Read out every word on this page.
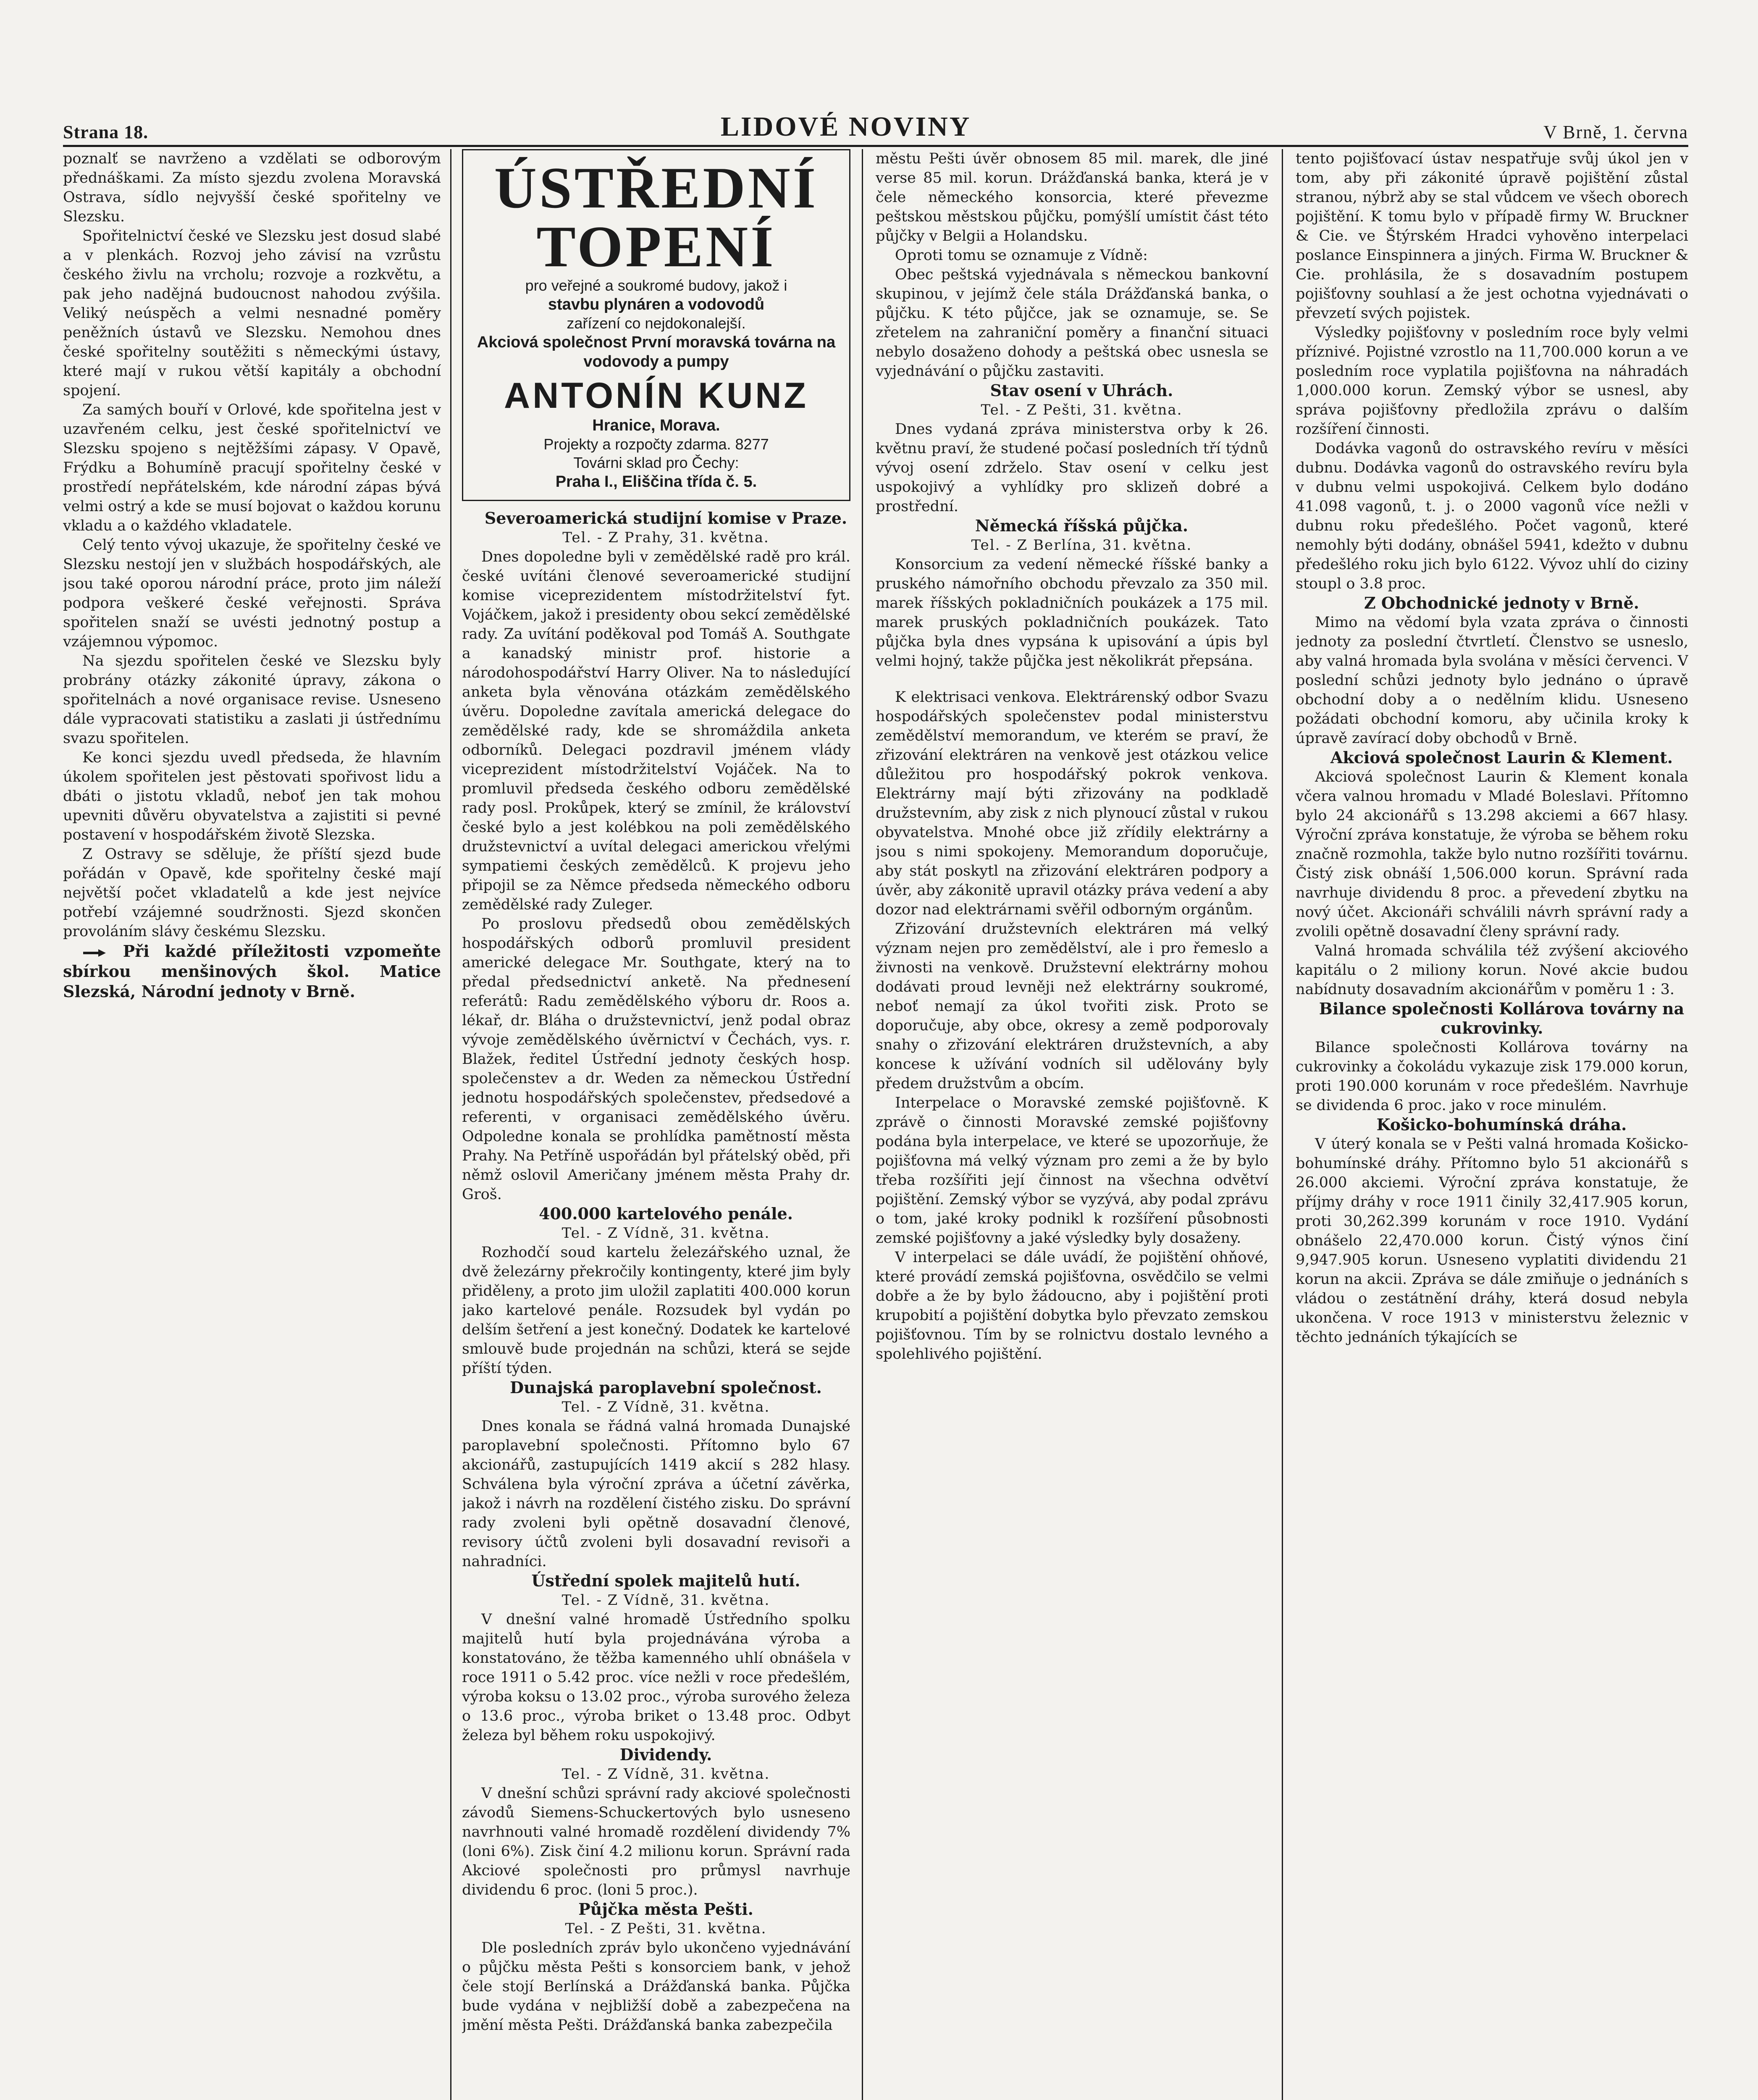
Strana 18.	LIDOVÉ NOVINY	V Brně, 1. června

poznalť se navrženo a vzdělati se odborovým přednáškami. Za místo sjezdu zvolena Moravská Ostrava, sídlo nejvyšší české spořitelny ve Slezsku.

Spořitelnictví české ve Slezsku jest dosud slabé a v plenkách. Rozvoj jeho závisí na vzrůstu českého živlu na vrcholu; rozvoje a rozkvětu, a pak jeho nadějná budoucnost nahodou zvýšila. Veliký neúspěch a velmi nesnadné poměry peněžních ústavů ve Slezsku. Nemohou dnes české spořitelny soutěžiti s německými ústavy, které mají v rukou větší kapitály a obchodní spojení.

Za samých bouří v Orlové, kde spořitelna jest v uzavřeném celku, jest české spořitelnictví ve Slezsku spojeno s nejtěžšími zápasy. V Opavě, Frýdku a Bohumíně pracují spořitelny české v prostředí nepřátelském, kde národní zápas bývá velmi ostrý a kde se musí bojovat o každou korunu vkladu a o každého vkladatele.

Celý tento vývoj ukazuje, že spořitelny české ve Slezsku nestojí jen v službách hospodářských, ale jsou také oporou národní práce, proto jim náleží podpora veškeré české veřejnosti. Správa spořitelen snaží se uvésti jednotný postup a vzájemnou výpomoc.

Na sjezdu spořitelen české ve Slezsku byly probrány otázky zákonité úpravy, zákona o spořitelnách a nové organisace revise. Usneseno dále vypracovati statistiku a zaslati ji ústřednímu svazu spořitelen.

Ke konci sjezdu uvedl předseda, že hlavním úkolem spořitelen jest pěstovati spořivost lidu a dbáti o jistotu vkladů, neboť jen tak mohou upevniti důvěru obyvatelstva a zajistiti si pevné postavení v hospodářském životě Slezska.

Z Ostravy se sděluje, že příští sjezd bude pořádán v Opavě, kde spořitelny české mají největší počet vkladatelů a kde jest nejvíce potřebí vzájemné soudržnosti. Sjezd skončen provoláním slávy českému Slezsku.

Při každé příležitosti vzpomeňte sbírkou menšinových škol. Matice Slezská, Národní jednoty v Brně.

ÚSTŘEDNÍ
TOPENÍ
pro veřejné a soukromé budovy, jakož i
stavbu plynáren a vodovodů
zařízení co nejdokonalejší.
Akciová společnost První moravská továrna na vodovody a pumpy
ANTONÍN KUNZ
Hranice, Morava.
Projekty a rozpočty zdarma. 8277
Továrni sklad pro Čechy:
Praha I., Eliščina třída č. 5.

Severoamerická studijní komise v Praze.

Tel. - Z Prahy, 31. května.

Dnes dopoledne byli v zemědělské radě pro král. české uvítáni členové severoamerické studijní komise viceprezidentem místodržitelství fyt. Vojáčkem, jakož i presidenty obou sekcí zemědělské rady. Za uvítání poděkoval pod Tomáš A. Southgate a kanadský ministr prof. historie a národohospodářství Harry Oliver. Na to následující anketa byla věnována otázkám zemědělského úvěru. Dopoledne zavítala americká delegace do zemědělské rady, kde se shromáždila anketa odborníků. Delegaci pozdravil jménem vlády viceprezident místodržitelství Vojáček. Na to promluvil předseda českého odboru zemědělské rady posl. Prokůpek, který se zmínil, že království české bylo a jest kolébkou na poli zemědělského družstevnictví a uvítal delegaci americkou vřelými sympatiemi českých zemědělců. K projevu jeho připojil se za Němce předseda německého odboru zemědělské rady Zuleger.

Po proslovu předsedů obou zemědělských hospodářských odborů promluvil president americké delegace Mr. Southgate, který na to předal předsednictví anketě. Na přednesení referátů: Radu zemědělského výboru dr. Roos a. lékař, dr. Bláha o družstevnictví, jenž podal obraz vývoje zemědělského úvěrnictví v Čechách, vys. r. Blažek, ředitel Ústřední jednoty českých hosp. společenstev a dr. Weden za německou Ústřední jednotu hospodářských společenstev, předsedové a referenti, v organisaci zemědělského úvěru. Odpoledne konala se prohlídka pamětností města Prahy. Na Petříně uspořádán byl přátelský oběd, při němž oslovil Američany jménem města Prahy dr. Groš.

400.000 kartelového penále.

Tel. - Z Vídně, 31. května.

Rozhodčí soud kartelu železářského uznal, že dvě železárny překročily kontingenty, které jim byly přiděleny, a proto jim uložil zaplatiti 400.000 korun jako kartelové penále. Rozsudek byl vydán po delším šetření a jest konečný. Dodatek ke kartelové smlouvě bude projednán na schůzi, která se sejde příští týden.

Dunajská paroplavební společnost.

Tel. - Z Vídně, 31. května.

Dnes konala se řádná valná hromada Dunajské paroplavební společnosti. Přítomno bylo 67 akcionářů, zastupujících 1419 akcií s 282 hlasy. Schválena byla výroční zpráva a účetní závěrka, jakož i návrh na rozdělení čistého zisku. Do správní rady zvoleni byli opětně dosavadní členové, revisory účtů zvoleni byli dosavadní revisoři a nahradníci.

Ústřední spolek majitelů hutí.

Tel. - Z Vídně, 31. května.

V dnešní valné hromadě Ústředního spolku majitelů hutí byla projednávána výroba a konstatováno, že těžba kamenného uhlí obnášela v roce 1911 o 5.42 proc. více nežli v roce předešlém, výroba koksu o 13.02 proc., výroba surového železa o 13.6 proc., výroba briket o 13.48 proc. Odbyt železa byl během roku uspokojivý.

Dividendy.

Tel. - Z Vídně, 31. května.

V dnešní schůzi správní rady akciové společnosti závodů Siemens-Schuckertových bylo usneseno navrhnouti valné hromadě rozdělení dividendy 7% (loni 6%). Zisk činí 4.2 milionu korun. Správní rada Akciové společnosti pro průmysl navrhuje dividendu 6 proc. (loni 5 proc.).

Půjčka města Pešti.

Tel. - Z Pešti, 31. května.

Dle posledních zpráv bylo ukončeno vyjednávání o půjčku města Pešti s konsorciem bank, v jehož čele stojí Berlínská a Drážďanská banka. Půjčka bude vydána v nejbližší době a zabezpečena na jmění města Pešti. Drážďanská banka zabezpečila

městu Pešti úvěr obnosem 85 mil. marek, dle jiné verse 85 mil. korun. Drážďanská banka, která je v čele německého konsorcia, které převezme peštskou městskou půjčku, pomýšlí umístit část této půjčky v Belgii a Holandsku.

Oproti tomu se oznamuje z Vídně:

Obec peštská vyjednávala s německou bankovní skupinou, v jejímž čele stála Drážďanská banka, o půjčku. K této půjčce, jak se oznamuje, se. Se zřetelem na zahraniční poměry a finanční situaci nebylo dosaženo dohody a peštská obec usnesla se vyjednávání o půjčku zastaviti.

Stav osení v Uhrách.

Tel. - Z Pešti, 31. května.

Dnes vydaná zpráva ministerstva orby k 26. květnu praví, že studené počasí posledních tří týdnů vývoj osení zdrželo. Stav osení v celku jest uspokojivý a vyhlídky pro sklizeň dobré a prostřední.

Německá říšská půjčka.

Tel. - Z Berlína, 31. května.

Konsorcium za vedení německé říšské banky a pruského námořního obchodu převzalo za 350 mil. marek říšských pokladničních poukázek a 175 mil. marek pruských pokladničních poukázek. Tato půjčka byla dnes vypsána k upisování a úpis byl velmi hojný, takže půjčka jest několikrát přepsána.

K elektrisaci venkova. Elektrárenský odbor Svazu hospodářských společenstev podal ministerstvu zemědělství memorandum, ve kterém se praví, že zřizování elektráren na venkově jest otázkou velice důležitou pro hospodářský pokrok venkova. Elektrárny mají býti zřizovány na podkladě družstevním, aby zisk z nich plynoucí zůstal v rukou obyvatelstva. Mnohé obce již zřídily elektrárny a jsou s nimi spokojeny. Memorandum doporučuje, aby stát poskytl na zřizování elektráren podpory a úvěr, aby zákonitě upravil otázky práva vedení a aby dozor nad elektrárnami svěřil odborným orgánům.

Zřizování družstevních elektráren má velký význam nejen pro zemědělství, ale i pro řemeslo a živnosti na venkově. Družstevní elektrárny mohou dodávati proud levněji než elektrárny soukromé, neboť nemají za úkol tvořiti zisk. Proto se doporučuje, aby obce, okresy a země podporovaly snahy o zřizování elektráren družstevních, a aby koncese k užívání vodních sil udělovány byly předem družstvům a obcím.

Interpelace o Moravské zemské pojišťovně. K zprávě o činnosti Moravské zemské pojišťovny podána byla interpelace, ve které se upozorňuje, že pojišťovna má velký význam pro zemi a že by bylo třeba rozšířiti její činnost na všechna odvětví pojištění. Zemský výbor se vyzývá, aby podal zprávu o tom, jaké kroky podnikl k rozšíření působnosti zemské pojišťovny a jaké výsledky byly dosaženy.

V interpelaci se dále uvádí, že pojištění ohňové, které provádí zemská pojišťovna, osvědčilo se velmi dobře a že by bylo žádoucno, aby i pojištění proti krupobití a pojištění dobytka bylo převzato zemskou pojišťovnou. Tím by se rolnictvu dostalo levného a spolehlivého pojištění.

tento pojišťovací ústav nespatřuje svůj úkol jen v tom, aby při zákonité úpravě pojištění zůstal stranou, nýbrž aby se stal vůdcem ve všech oborech pojištění. K tomu bylo v případě firmy W. Bruckner & Cie. ve Štýrském Hradci vyhověno interpelaci poslance Einspinnera a jiných. Firma W. Bruckner & Cie. prohlásila, že s dosavadním postupem pojišťovny souhlasí a že jest ochotna vyjednávati o převzetí svých pojistek.

Výsledky pojišťovny v posledním roce byly velmi příznivé. Pojistné vzrostlo na 11,700.000 korun a ve posledním roce vyplatila pojišťovna na náhradách 1,000.000 korun. Zemský výbor se usnesl, aby správa pojišťovny předložila zprávu o dalším rozšíření činnosti.

Dodávka vagonů do ostravského revíru v měsíci dubnu. Dodávka vagonů do ostravského revíru byla v dubnu velmi uspokojivá. Celkem bylo dodáno 41.098 vagonů, t. j. o 2000 vagonů více nežli v dubnu roku předešlého. Počet vagonů, které nemohly býti dodány, obnášel 5941, kdežto v dubnu předešlého roku jich bylo 6122. Vývoz uhlí do ciziny stoupl o 3.8 proc.

Z Obchodnické jednoty v Brně.

Mimo na vědomí byla vzata zpráva o činnosti jednoty za poslední čtvrtletí. Členstvo se usneslo, aby valná hromada byla svolána v měsíci červenci. V poslední schůzi jednoty bylo jednáno o úpravě obchodní doby a o nedělním klidu. Usneseno požádati obchodní komoru, aby učinila kroky k úpravě zavírací doby obchodů v Brně.

Akciová společnost Laurin & Klement.

Akciová společnost Laurin & Klement konala včera valnou hromadu v Mladé Boleslavi. Přítomno bylo 24 akcionářů s 13.298 akciemi a 667 hlasy. Výroční zpráva konstatuje, že výroba se během roku značně rozmohla, takže bylo nutno rozšířiti továrnu. Čistý zisk obnáší 1,506.000 korun. Správní rada navrhuje dividendu 8 proc. a převedení zbytku na nový účet. Akcionáři schválili návrh správní rady a zvolili opětně dosavadní členy správní rady.

Valná hromada schválila též zvýšení akciového kapitálu o 2 miliony korun. Nové akcie budou nabídnuty dosavadním akcionářům v poměru 1 : 3.

Bilance společnosti Kollárova továrny na cukrovinky.

Bilance společnosti Kollárova továrny na cukrovinky a čokoládu vykazuje zisk 179.000 korun, proti 190.000 korunám v roce předešlém. Navrhuje se dividenda 6 proc. jako v roce minulém.

Košicko-bohumínská dráha.

V úterý konala se v Pešti valná hromada Košicko-bohumínské dráhy. Přítomno bylo 51 akcionářů s 26.000 akciemi. Výroční zpráva konstatuje, že příjmy dráhy v roce 1911 činily 32,417.905 korun, proti 30,262.399 korunám v roce 1910. Vydání obnášelo 22,470.000 korun. Čistý výnos činí 9,947.905 korun. Usneseno vyplatiti dividendu 21 korun na akcii. Zpráva se dále zmiňuje o jednáních s vládou o zestátnění dráhy, která dosud nebyla ukončena. V roce 1913 v ministerstvu železnic v těchto jednáních týkajících se
